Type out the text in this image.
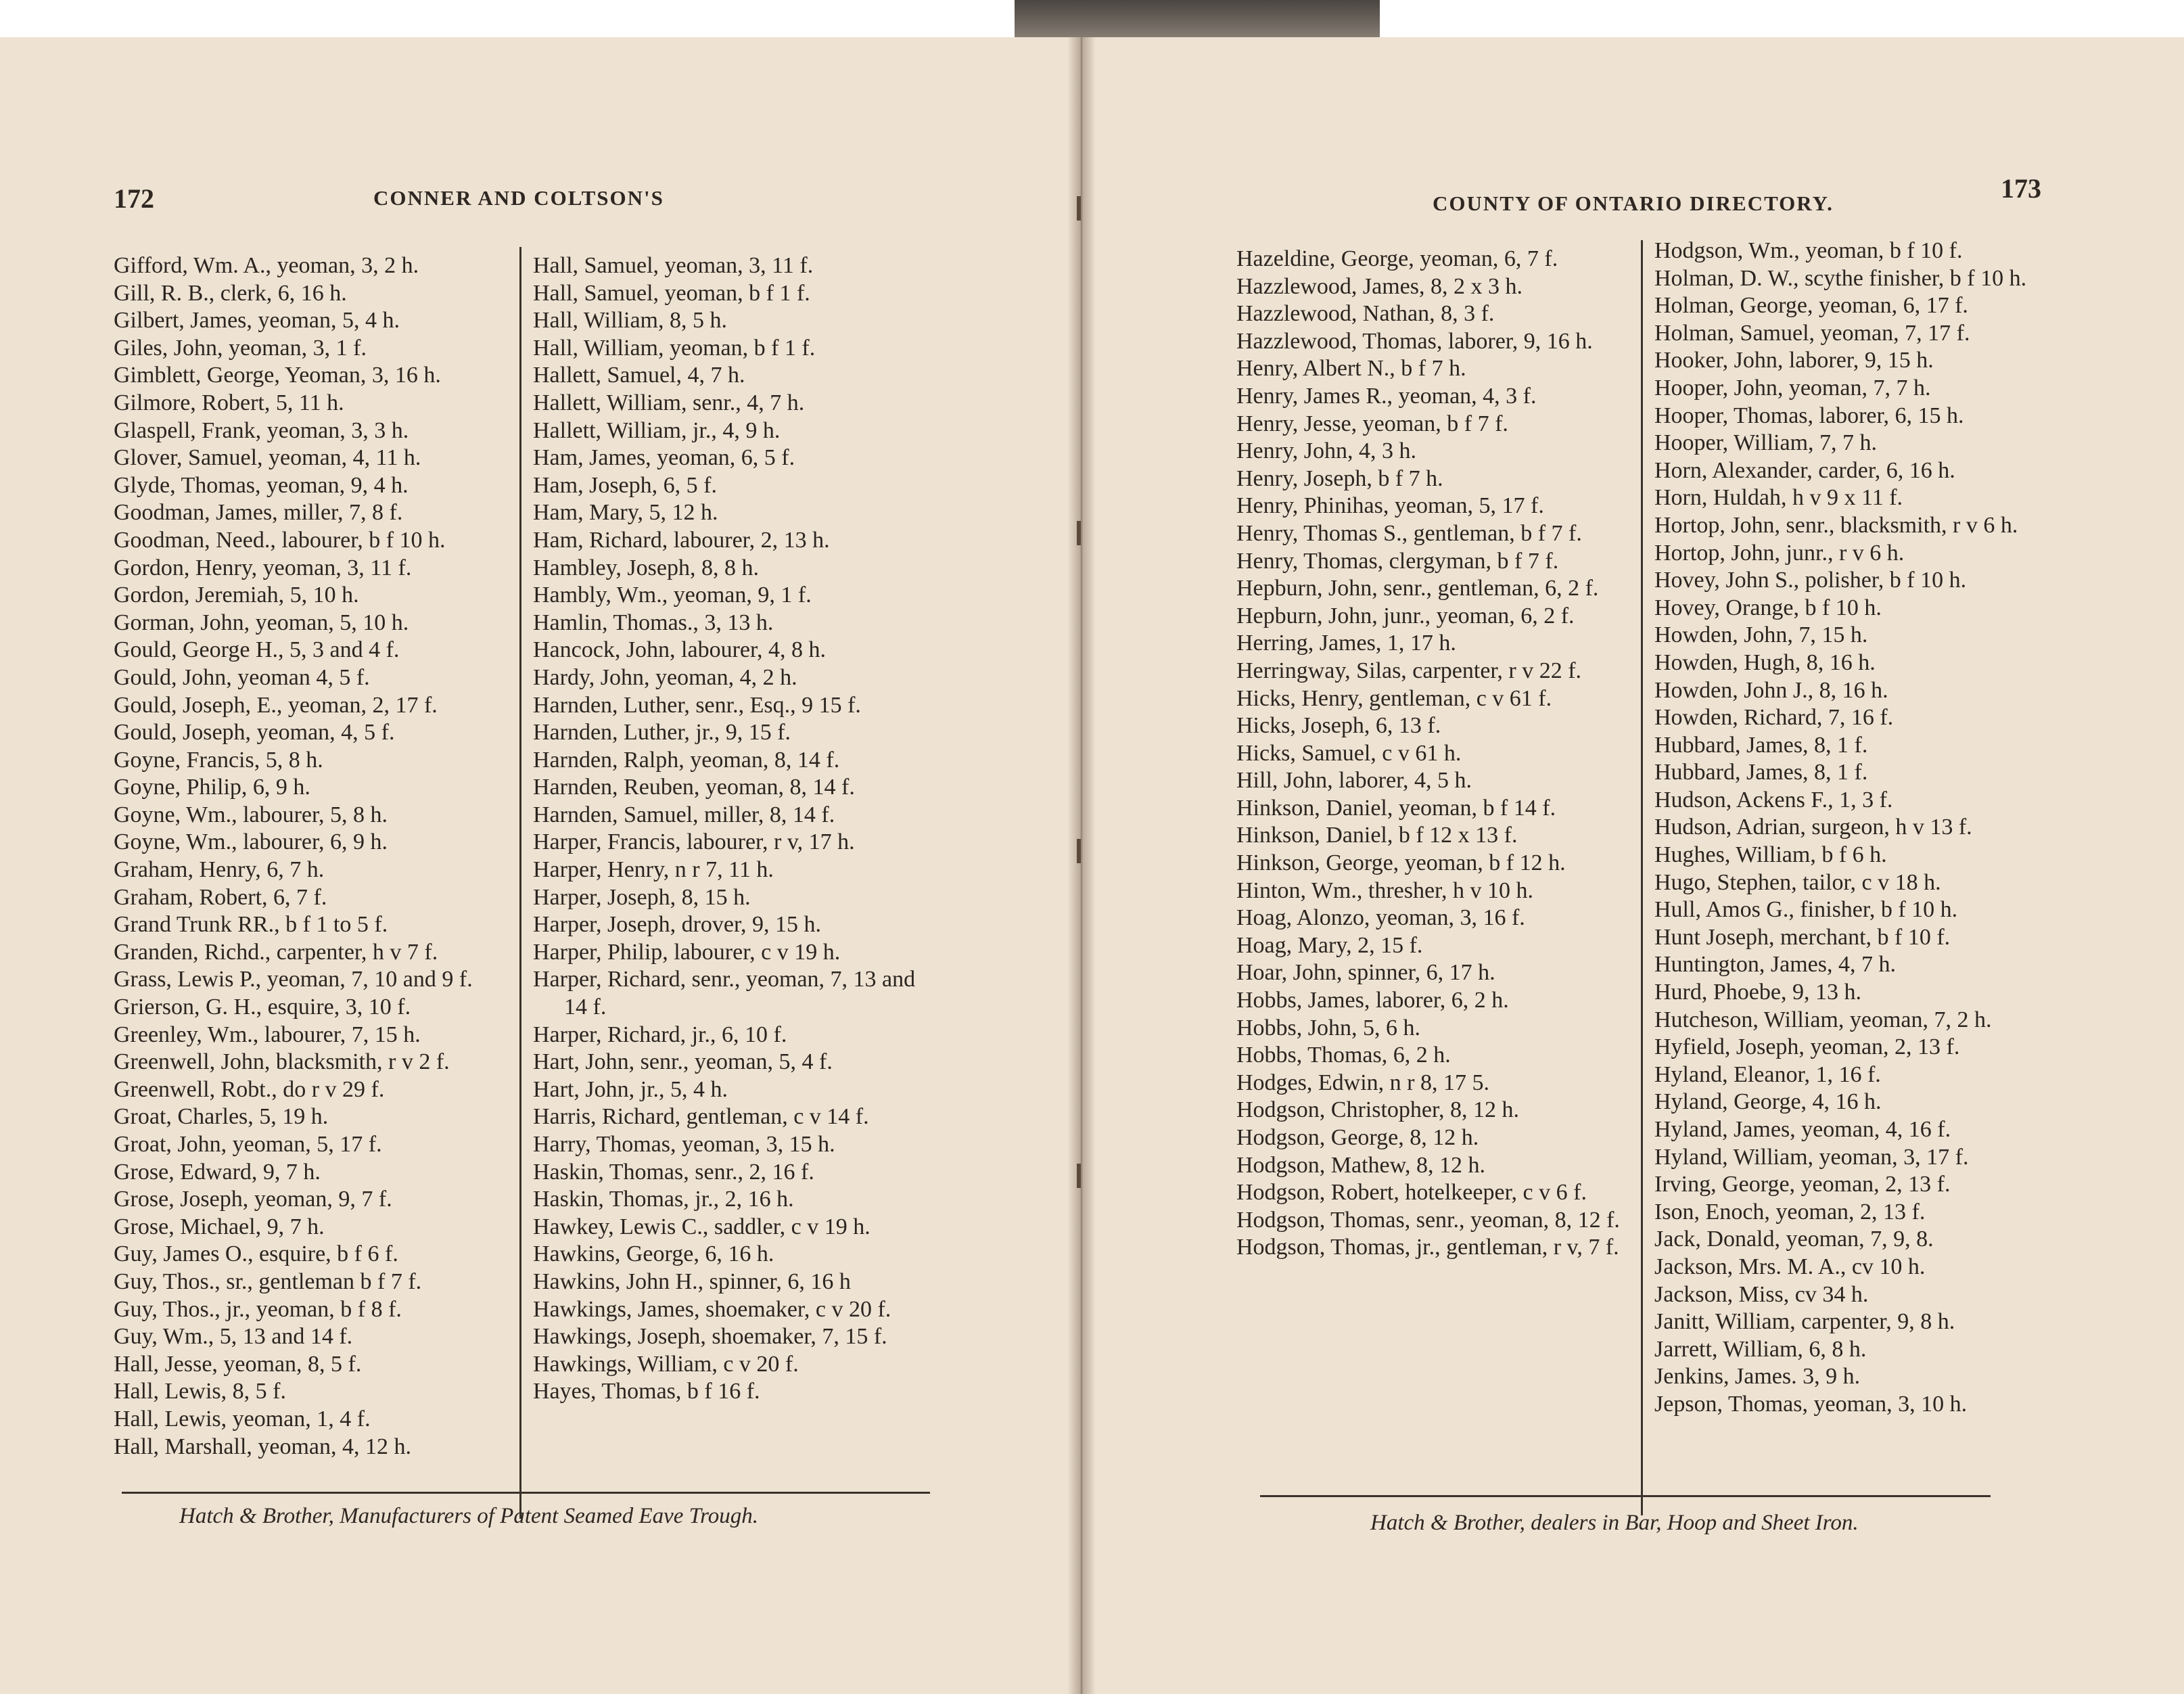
172	CONNER AND COLTSON'S
Gifford, Wm. A., yeoman, 3, 2 h.
Gill, R. B., clerk, 6, 16 h.
Gilbert, James, yeoman, 5, 4 h.
Giles, John, yeoman, 3, 1 f.
Gimblett, George, Yeoman, 3, 16 h.
Gilmore, Robert, 5, 11 h.
Glaspell, Frank, yeoman, 3, 3 h.
Glover, Samuel, yeoman, 4, 11 h.
Glyde, Thomas, yeoman, 9, 4 h.
Goodman, James, miller, 7, 8 f.
Goodman, Need., labourer, b f 10 h.
Gordon, Henry, yeoman, 3, 11 f.
Gordon, Jeremiah, 5, 10 h.
Gorman, John, yeoman, 5, 10 h.
Gould, George H., 5, 3 and 4 f.
Gould, John, yeoman 4, 5 f.
Gould, Joseph, E., yeoman, 2, 17 f.
Gould, Joseph, yeoman, 4, 5 f.
Goyne, Francis, 5, 8 h.
Goyne, Philip, 6, 9 h.
Goyne, Wm., labourer, 5, 8 h.
Goyne, Wm., labourer, 6, 9 h.
Graham, Henry, 6, 7 h.
Graham, Robert, 6, 7 f.
Grand Trunk RR., b f 1 to 5 f.
Granden, Richd., carpenter, h v 7 f.
Grass, Lewis P., yeoman, 7, 10 and 9 f.
Grierson, G. H., esquire, 3, 10 f.
Greenley, Wm., labourer, 7, 15 h.
Greenwell, John, blacksmith, r v 2 f.
Greenwell, Robt., do r v 29 f.
Groat, Charles, 5, 19 h.
Groat, John, yeoman, 5, 17 f.
Grose, Edward, 9, 7 h.
Grose, Joseph, yeoman, 9, 7 f.
Grose, Michael, 9, 7 h.
Guy, James O., esquire, b f 6 f.
Guy, Thos., sr., gentleman b f 7 f.
Guy, Thos., jr., yeoman, b f 8 f.
Guy, Wm., 5, 13 and 14 f.
Hall, Jesse, yeoman, 8, 5 f.
Hall, Lewis, 8, 5 f.
Hall, Lewis, yeoman, 1, 4 f.
Hall, Marshall, yeoman, 4, 12 h.
Hall, Samuel, yeoman, 3, 11 f.
Hall, Samuel, yeoman, b f 1 f.
Hall, William, 8, 5 h.
Hall, William, yeoman, b f 1 f.
Hallett, Samuel, 4, 7 h.
Hallett, William, senr., 4, 7 h.
Hallett, William, jr., 4, 9 h.
Ham, James, yeoman, 6, 5 f.
Ham, Joseph, 6, 5 f.
Ham, Mary, 5, 12 h.
Ham, Richard, labourer, 2, 13 h.
Hambley, Joseph, 8, 8 h.
Hambly, Wm., yeoman, 9, 1 f.
Hamlin, Thomas., 3, 13 h.
Hancock, John, labourer, 4, 8 h.
Hardy, John, yeoman, 4, 2 h.
Harnden, Luther, senr., Esq., 9 15 f.
Harnden, Luther, jr., 9, 15 f.
Harnden, Ralph, yeoman, 8, 14 f.
Harnden, Reuben, yeoman, 8, 14 f.
Harnden, Samuel, miller, 8, 14 f.
Harper, Francis, labourer, r v, 17 h.
Harper, Henry, n r 7, 11 h.
Harper, Joseph, 8, 15 h.
Harper, Joseph, drover, 9, 15 h.
Harper, Philip, labourer, c v 19 h.
Harper, Richard, senr., yeoman, 7, 13 and 14 f.
Harper, Richard, jr., 6, 10 f.
Hart, John, senr., yeoman, 5, 4 f.
Hart, John, jr., 5, 4 h.
Harris, Richard, gentleman, c v 14 f.
Harry, Thomas, yeoman, 3, 15 h.
Haskin, Thomas, senr., 2, 16 f.
Haskin, Thomas, jr., 2, 16 h.
Hawkey, Lewis C., saddler, c v 19 h.
Hawkins, George, 6, 16 h.
Hawkins, John H., spinner, 6, 16 h
Hawkings, James, shoemaker, c v 20 f.
Hawkings, Joseph, shoemaker, 7, 15 f.
Hawkings, William, c v 20 f.
Hayes, Thomas, b f 16 f.
Hatch & Brother, Manufacturers of Patent Seamed Eave Trough.
COUNTY OF ONTARIO DIRECTORY.	173
Hazeldine, George, yeoman, 6, 7 f.
Hazzlewood, James, 8, 2 x 3 h.
Hazzlewood, Nathan, 8, 3 f.
Hazzlewood, Thomas, laborer, 9, 16 h.
Henry, Albert N., b f 7 h.
Henry, James R., yeoman, 4, 3 f.
Henry, Jesse, yeoman, b f 7 f.
Henry, John, 4, 3 h.
Henry, Joseph, b f 7 h.
Henry, Phinihas, yeoman, 5, 17 f.
Henry, Thomas S., gentleman, b f 7 f.
Henry, Thomas, clergyman, b f 7 f.
Hepburn, John, senr., gentleman, 6, 2 f.
Hepburn, John, junr., yeoman, 6, 2 f.
Herring, James, 1, 17 h.
Herringway, Silas, carpenter, r v 22 f.
Hicks, Henry, gentleman, c v 61 f.
Hicks, Joseph, 6, 13 f.
Hicks, Samuel, c v 61 h.
Hill, John, laborer, 4, 5 h.
Hinkson, Daniel, yeoman, b f 14 f.
Hinkson, Daniel, b f 12 x 13 f.
Hinkson, George, yeoman, b f 12 h.
Hinton, Wm., thresher, h v 10 h.
Hoag, Alonzo, yeoman, 3, 16 f.
Hoag, Mary, 2, 15 f.
Hoar, John, spinner, 6, 17 h.
Hobbs, James, laborer, 6, 2 h.
Hobbs, John, 5, 6 h.
Hobbs, Thomas, 6, 2 h.
Hodges, Edwin, n r 8, 17 5.
Hodgson, Christopher, 8, 12 h.
Hodgson, George, 8, 12 h.
Hodgson, Mathew, 8, 12 h.
Hodgson, Robert, hotelkeeper, c v 6 f.
Hodgson, Thomas, senr., yeoman, 8, 12 f.
Hodgson, Thomas, jr., gentleman, r v, 7 f.
Hodgson, Wm., yeoman, b f 10 f.
Holman, D. W., scythe finisher, b f 10 h.
Holman, George, yeoman, 6, 17 f.
Holman, Samuel, yeoman, 7, 17 f.
Hooker, John, laborer, 9, 15 h.
Hooper, John, yeoman, 7, 7 h.
Hooper, Thomas, laborer, 6, 15 h.
Hooper, William, 7, 7 h.
Horn, Alexander, carder, 6, 16 h.
Horn, Huldah, h v 9 x 11 f.
Hortop, John, senr., blacksmith, r v 6 h.
Hortop, John, junr., r v 6 h.
Hovey, John S., polisher, b f 10 h.
Hovey, Orange, b f 10 h.
Howden, John, 7, 15 h.
Howden, Hugh, 8, 16 h.
Howden, John J., 8, 16 h.
Howden, Richard, 7, 16 f.
Hubbard, James, 8, 1 f.
Hubbard, James, 8, 1 f.
Hudson, Ackens F., 1, 3 f.
Hudson, Adrian, surgeon, h v 13 f.
Hughes, William, b f 6 h.
Hugo, Stephen, tailor, c v 18 h.
Hull, Amos G., finisher, b f 10 h.
Hunt Joseph, merchant, b f 10 f.
Huntington, James, 4, 7 h.
Hurd, Phoebe, 9, 13 h.
Hutcheson, William, yeoman, 7, 2 h.
Hyfield, Joseph, yeoman, 2, 13 f.
Hyland, Eleanor, 1, 16 f.
Hyland, George, 4, 16 h.
Hyland, James, yeoman, 4, 16 f.
Hyland, William, yeoman, 3, 17 f.
Irving, George, yeoman, 2, 13 f.
Ison, Enoch, yeoman, 2, 13 f.
Jack, Donald, yeoman, 7, 9, 8.
Jackson, Mrs. M. A., cv 10 h.
Jackson, Miss, cv 34 h.
Janitt, William, carpenter, 9, 8 h.
Jarrett, William, 6, 8 h.
Jenkins, James. 3, 9 h.
Jepson, Thomas, yeoman, 3, 10 h.
Hatch & Brother, dealers in Bar, Hoop and Sheet Iron.
